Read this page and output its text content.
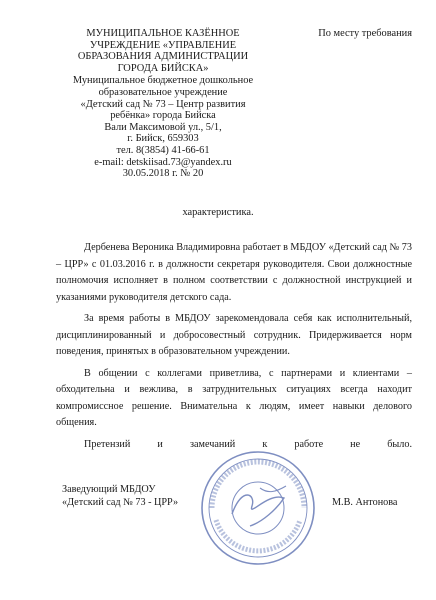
МУНИЦИПАЛЬНОЕ КАЗЁННОЕ
УЧРЕЖДЕНИЕ «УПРАВЛЕНИЕ
ОБРАЗОВАНИЯ АДМИНИСТРАЦИИ
ГОРОДА БИЙСКА»
Муниципальное бюджетное дошкольное
образовательное учреждение
«Детский сад № 73 – Центр развития
ребёнка» города Бийска
Вали Максимовой ул., 5/1,
г. Бийск, 659303
тел. 8(3854) 41-66-61
e-mail: detskiisad.73@yandex.ru
30.05.2018 г. № 20
По месту требования
характеристика.

Дербенева Вероника Владимировна работает в МБДОУ «Детский сад № 73 – ЦРР» с 01.03.2016 г. в должности секретаря руководителя. Свои должностные полномочия исполняет в полном соответствии с должностной инструкцией и указаниями руководителя детского сада.

За время работы в МБДОУ зарекомендовала себя как исполнительный, дисциплинированный и добросовестный сотрудник. Придерживается норм поведения, принятых в образовательном учреждении.

В общении с коллегами приветлива, с партнерами и клиентами – обходительна и вежлива, в затруднительных ситуациях всегда находит компромиссное решение. Внимательна к людям, имеет навыки делового общения.

Претензий и замечаний к работе не было.

Заведующий МБДОУ
«Детский сад № 73 - ЦРР»	М.В. Антонова
